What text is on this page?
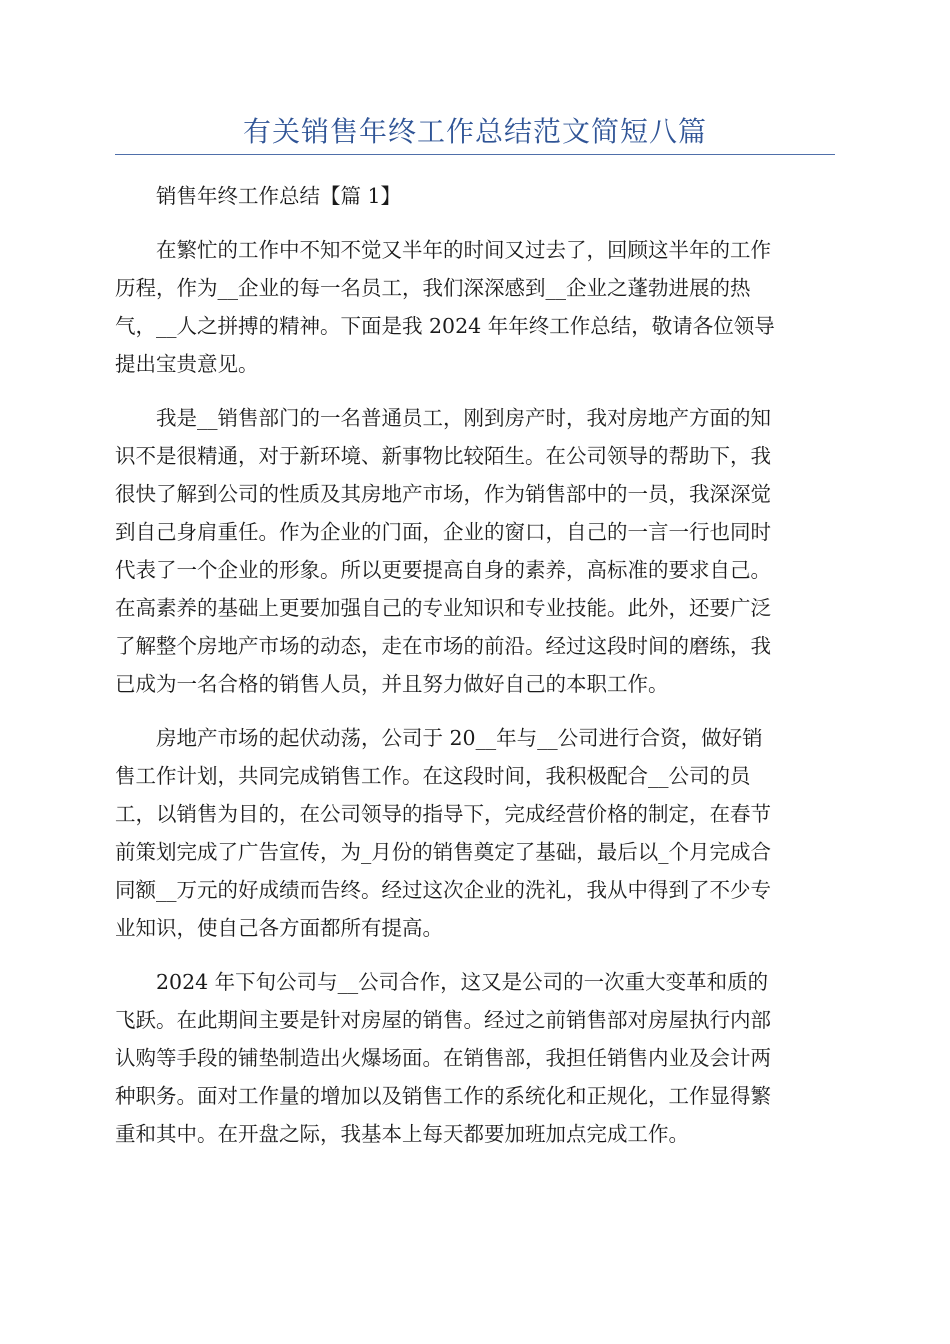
有关销售年终工作总结范文简短八篇
销售年终工作总结【篇 1】
在繁忙的工作中不知不觉又半年的时间又过去了，回顾这半年的工作
历程，作为__企业的每一名员工，我们深深感到__企业之蓬勃进展的热
气，__人之拼搏的精神。下面是我 2024 年年终工作总结，敬请各位领导
提出宝贵意见。
我是__销售部门的一名普通员工，刚到房产时，我对房地产方面的知
识不是很精通，对于新环境、新事物比较陌生。在公司领导的帮助下，我
很快了解到公司的性质及其房地产市场，作为销售部中的一员，我深深觉
到自己身肩重任。作为企业的门面，企业的窗口，自己的一言一行也同时
代表了一个企业的形象。所以更要提高自身的素养，高标准的要求自己。
在高素养的基础上更要加强自己的专业知识和专业技能。此外，还要广泛
了解整个房地产市场的动态，走在市场的前沿。经过这段时间的磨练，我
已成为一名合格的销售人员，并且努力做好自己的本职工作。
房地产市场的起伏动荡，公司于 20__年与__公司进行合资，做好销
售工作计划，共同完成销售工作。在这段时间，我积极配合__公司的员
工，以销售为目的，在公司领导的指导下，完成经营价格的制定，在春节
前策划完成了广告宣传，为_月份的销售奠定了基础，最后以_个月完成合
同额__万元的好成绩而告终。经过这次企业的洗礼，我从中得到了不少专
业知识，使自己各方面都所有提高。
2024 年下旬公司与__公司合作，这又是公司的一次重大变革和质的
飞跃。在此期间主要是针对房屋的销售。经过之前销售部对房屋执行内部
认购等手段的铺垫制造出火爆场面。在销售部，我担任销售内业及会计两
种职务。面对工作量的增加以及销售工作的系统化和正规化，工作显得繁
重和其中。在开盘之际，我基本上每天都要加班加点完成工作。
